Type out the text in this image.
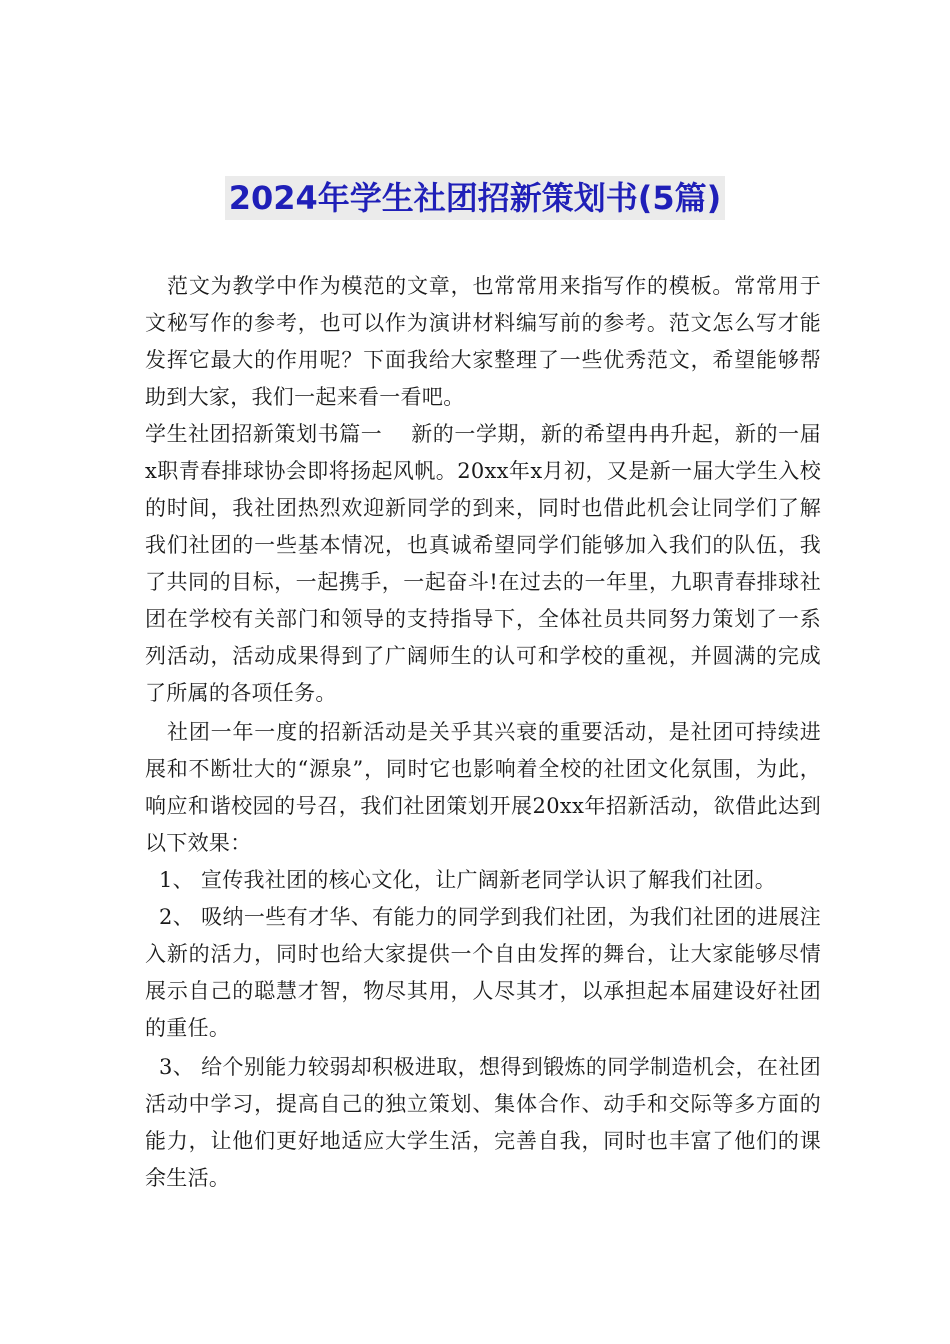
2024年学生社团招新策划书(5篇)

范文为教学中作为模范的文章，也常常用来指写作的模板。常常用于文秘写作的参考，也可以作为演讲材料编写前的参考。范文怎么写才能发挥它最大的作用呢？下面我给大家整理了一些优秀范文，希望能够帮助到大家，我们一起来看一看吧。

学生社团招新策划书篇一　 新的一学期，新的希望冉冉升起，新的一届x职青春排球协会即将扬起风帆。20xx年x月初，又是新一届大学生入校的时间，我社团热烈欢迎新同学的到来，同时也借此机会让同学们了解我们社团的一些基本情况，也真诚希望同学们能够加入我们的队伍，我了共同的目标，一起携手，一起奋斗!在过去的一年里，九职青春排球社团在学校有关部门和领导的支持指导下，全体社员共同努力策划了一系列活动，活动成果得到了广阔师生的认可和学校的重视，并圆满的完成了所属的各项任务。

社团一年一度的招新活动是关乎其兴衰的重要活动，是社团可持续进展和不断壮大的“源泉”，同时它也影响着全校的社团文化氛围，为此，响应和谐校园的号召，我们社团策划开展20xx年招新活动，欲借此达到以下效果：

1、 宣传我社团的核心文化，让广阔新老同学认识了解我们社团。

2、 吸纳一些有才华、有能力的同学到我们社团，为我们社团的进展注入新的活力，同时也给大家提供一个自由发挥的舞台，让大家能够尽情展示自己的聪慧才智，物尽其用，人尽其才，以承担起本届建设好社团的重任。

3、 给个别能力较弱却积极进取，想得到锻炼的同学制造机会，在社团活动中学习，提高自己的独立策划、集体合作、动手和交际等多方面的能力，让他们更好地适应大学生活，完善自我，同时也丰富了他们的课余生活。
